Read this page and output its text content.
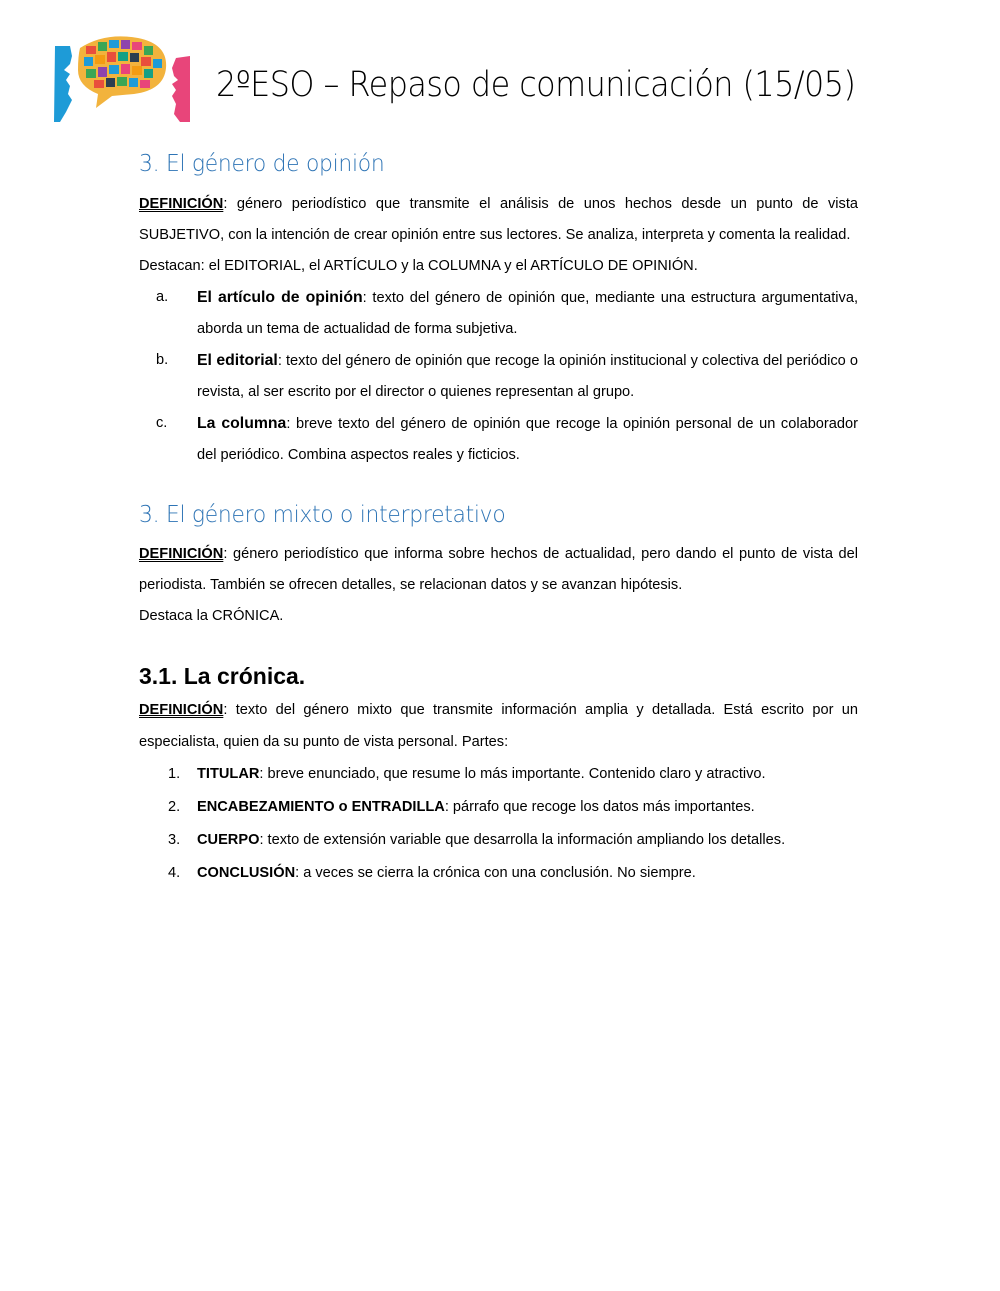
2ºESO – Repaso de comunicación (15/05)
3. El género de opinión

DEFINICIÓN: género periodístico que transmite el análisis de unos hechos desde un punto de vista SUBJETIVO, con la intención de crear opinión entre sus lectores. Se analiza, interpreta y comenta la realidad.

Destacan: el EDITORIAL, el ARTÍCULO y la COLUMNA y el ARTÍCULO DE OPINIÓN.

a. El artículo de opinión: texto del género de opinión que, mediante una estructura argumentativa, aborda un tema de actualidad de forma subjetiva.
b. El editorial: texto del género de opinión que recoge la opinión institucional y colectiva del periódico o revista, al ser escrito por el director o quienes representan al grupo.
c. La columna: breve texto del género de opinión que recoge la opinión personal de un colaborador del periódico. Combina aspectos reales y ficticios.
3. El género mixto o interpretativo

DEFINICIÓN: género periodístico que informa sobre hechos de actualidad, pero dando el punto de vista del periodista. También se ofrecen detalles, se relacionan datos y se avanzan hipótesis.

Destaca la CRÓNICA.

3.1. La crónica.

DEFINICIÓN: texto del género mixto que transmite información amplia y detallada. Está escrito por un especialista, quien da su punto de vista personal. Partes:

1. TITULAR: breve enunciado, que resume lo más importante. Contenido claro y atractivo.
2. ENCABEZAMIENTO o ENTRADILLA: párrafo que recoge los datos más importantes.
3. CUERPO: texto de extensión variable que desarrolla la información ampliando los detalles.
4. CONCLUSIÓN: a veces se cierra la crónica con una conclusión. No siempre.
